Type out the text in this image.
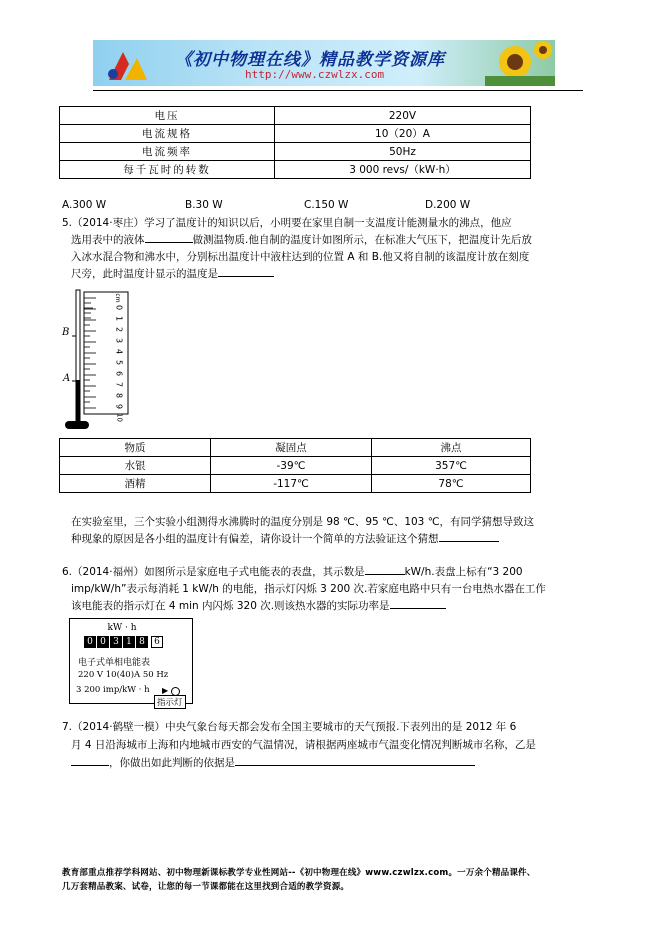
《初中物理在线》精品教学资源库
http://www.czwlzx.com
电压	220V
电流规格	10（20）A
电流频率	50Hz
每千瓦时的转数	3 000 revs/（kW·h）
A.300 W	B.30 W	C.150 W	D.200 W
5.（2014·枣庄）学习了温度计的知识以后，小明要在家里自制一支温度计能测量水的沸点，他应
选用表中的液体	做测温物质.他自制的温度计如图所示，在标准大气压下，把温度计先后放
入冰水混合物和沸水中，分别标出温度计中液柱达到的位置 A 和 B.他又将自制的该温度计放在刻度
尺旁，此时温度计显示的温度是
B
A
cm
0
1
2
3
4
5
6
7
8
9
10
物质	凝固点	沸点
水银	-39℃	357℃
酒精	-117℃	78℃
在实验室里，三个实验小组测得水沸腾时的温度分别是 98 ℃、95 ℃、103 ℃，有同学猜想导致这
种现象的原因是各小组的温度计有偏差，请你设计一个简单的方法验证这个猜想
6.（2014·福州）如图所示是家庭电子式电能表的表盘，其示数是	kW/h.表盘上标有“3 200
imp/kW/h”表示每消耗 1 kW/h 的电能，指示灯闪烁 3 200 次.若家庭电路中只有一台电热水器在工作
该电能表的指示灯在 4 min 内闪烁 320 次.则该热水器的实际功率是
kW · h
0 0 3 1 8	6
电子式单相电能表
220 V 10(40)A 50 Hz
3 200 imp/kW · h ▶
指示灯
7.（2014·鹤壁一模）中央气象台每天都会发布全国主要城市的天气预报.下表列出的是 2012 年 6
月 4 日沿海城市上海和内地城市西安的气温情况，请根据两座城市气温变化情况判断城市名称，乙是
，你做出如此判断的依据是
教育部重点推荐学科网站、初中物理新课标教学专业性网站--《初中物理在线》www.czwlzx.com。一万余个精品课件、
几万套精品教案、试卷，让您的每一节课都能在这里找到合适的教学资源。
